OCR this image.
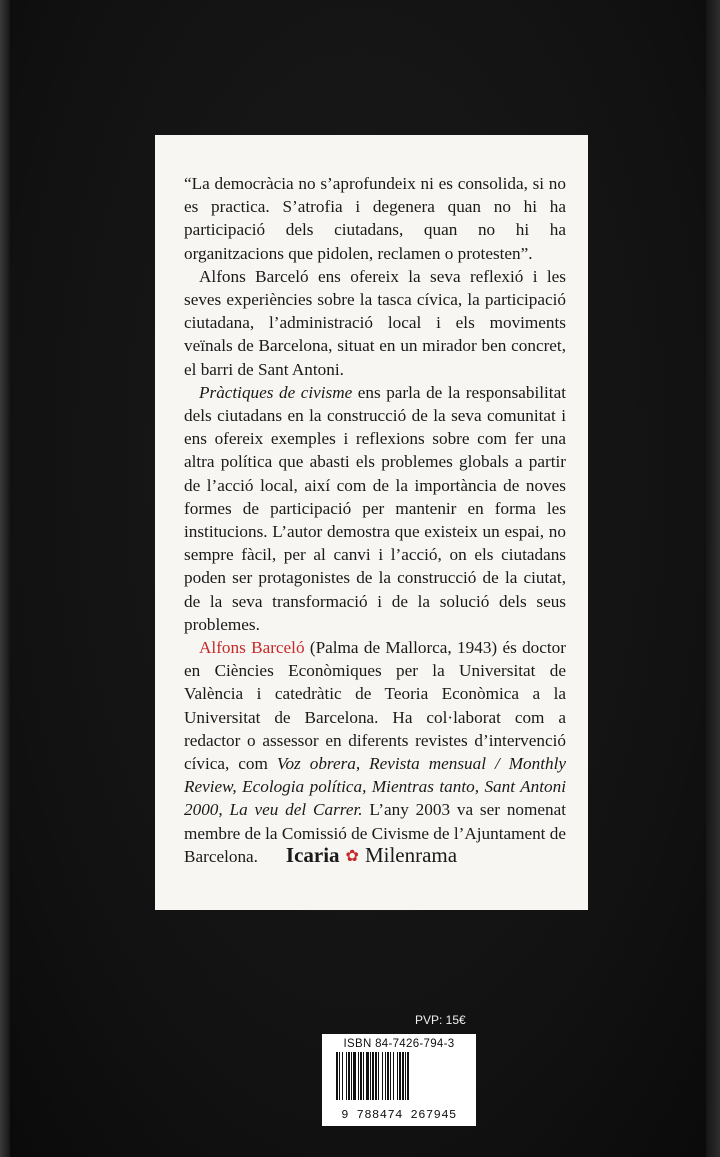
“La democràcia no s’aprofundeix ni es consolida, si no es practica. S’atrofia i degenera quan no hi ha participació dels ciutadans, quan no hi ha organitzacions que pidolen, reclamen o protesten”.

Alfons Barceló ens ofereix la seva reflexió i les seves experiències sobre la tasca cívica, la participació ciutadana, l’administració local i els moviments veïnals de Barcelona, situat en un mirador ben concret, el barri de Sant Antoni.

Pràctiques de civisme ens parla de la responsabilitat dels ciutadans en la construcció de la seva comunitat i ens ofereix exemples i reflexions sobre com fer una altra política que abasti els problemes globals a partir de l’acció local, així com de la importància de noves formes de participació per mantenir en forma les institucions. L’autor demostra que existeix un espai, no sempre fàcil, per al canvi i l’acció, on els ciutadans poden ser protagonistes de la construcció de la ciutat, de la seva transformació i de la solució dels seus problemes.

Alfons Barceló (Palma de Mallorca, 1943) és doctor en Ciències Econòmiques per la Universitat de València i catedràtic de Teoria Econòmica a la Universitat de Barcelona. Ha col·laborat com a redactor o assessor en diferents revistes d’intervenció cívica, com Voz obrera, Revista mensual / Monthly Review, Ecologia política, Mientras tanto, Sant Antoni 2000, La veu del Carrer. L’any 2003 va ser nomenat membre de la Comissió de Civisme de l’Ajuntament de Barcelona.	Icaria ✿ Milenrama
PVP: 15€
ISBN 84-7426-794-3
9 788474 267945
